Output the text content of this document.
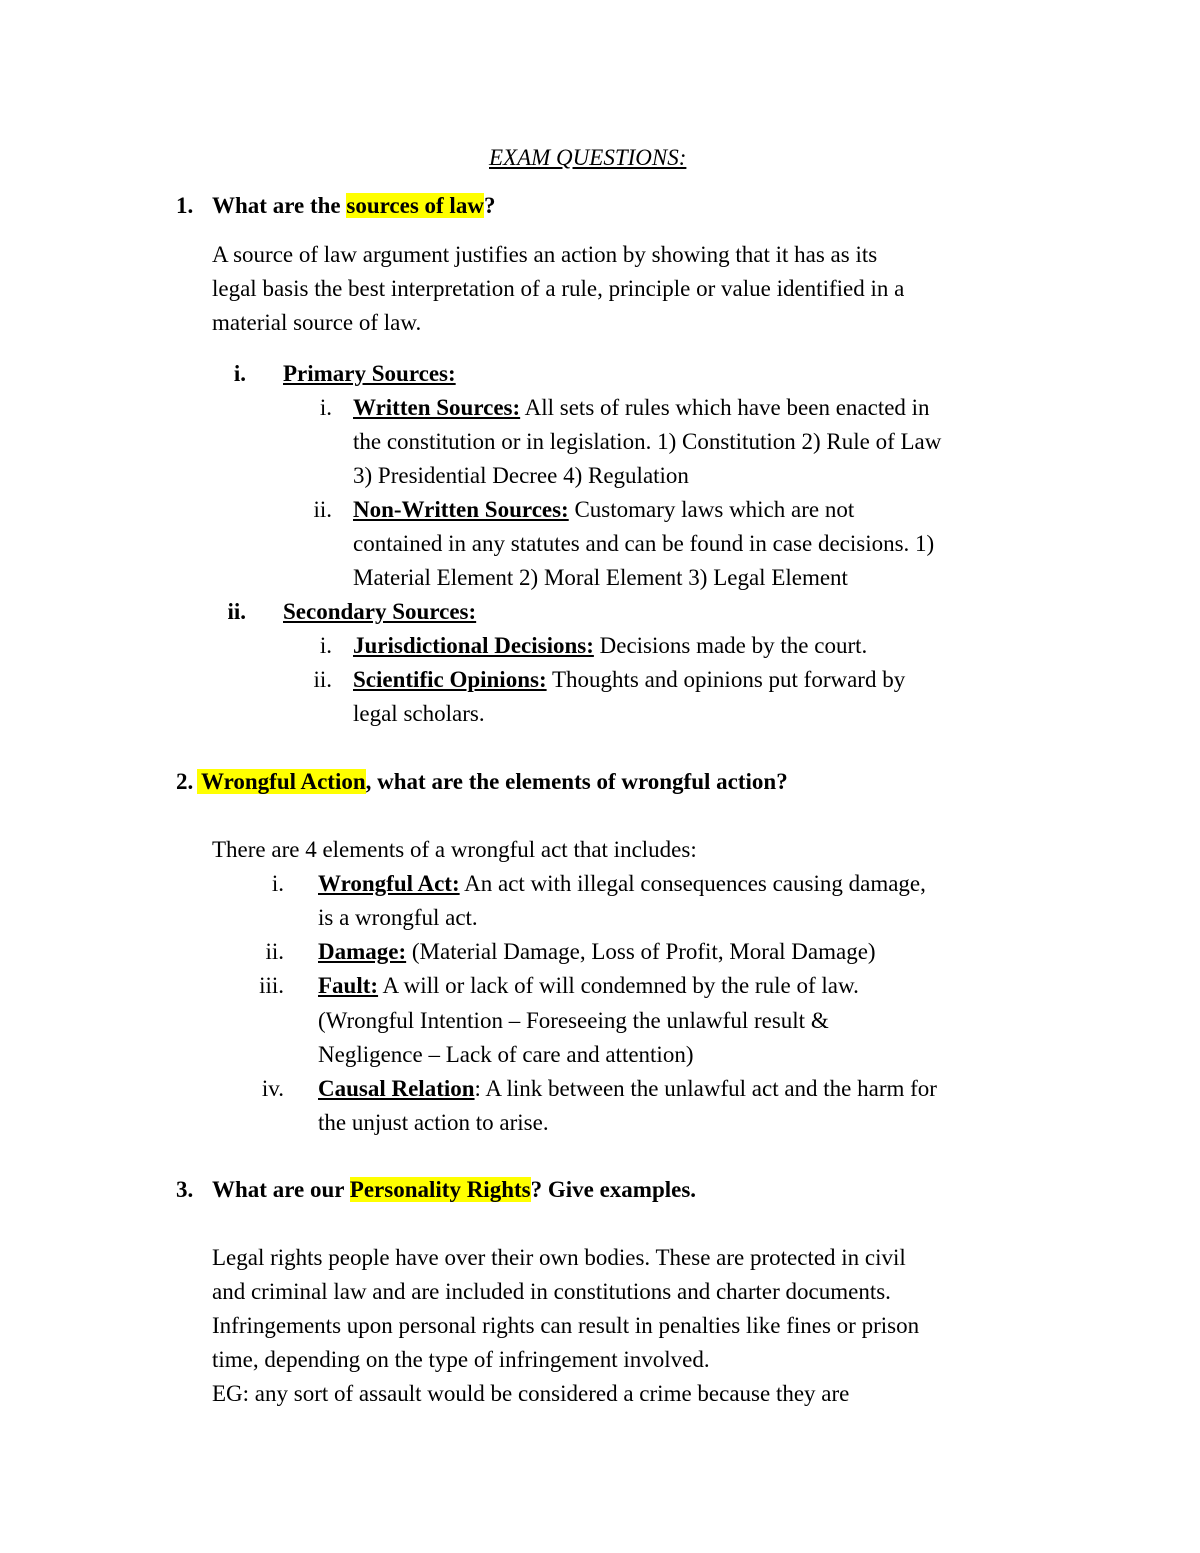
EXAM QUESTIONS:
1. What are the sources of law?
A source of law argument justifies an action by showing that it has as its
legal basis the best interpretation of a rule, principle or value identified in a
material source of law.
i. Primary Sources:
i. Written Sources: All sets of rules which have been enacted in
the constitution or in legislation. 1) Constitution 2) Rule of Law
3) Presidential Decree 4) Regulation
ii. Non-Written Sources: Customary laws which are not
contained in any statutes and can be found in case decisions. 1)
Material Element 2) Moral Element 3) Legal Element
ii. Secondary Sources:
i. Jurisdictional Decisions: Decisions made by the court.
ii. Scientific Opinions: Thoughts and opinions put forward by
legal scholars.
2. Wrongful Action, what are the elements of wrongful action?
There are 4 elements of a wrongful act that includes:
i. Wrongful Act: An act with illegal consequences causing damage,
is a wrongful act.
ii. Damage: (Material Damage, Loss of Profit, Moral Damage)
iii. Fault: A will or lack of will condemned by the rule of law.
(Wrongful Intention – Foreseeing the unlawful result &
Negligence – Lack of care and attention)
iv. Causal Relation: A link between the unlawful act and the harm for
the unjust action to arise.
3. What are our Personality Rights? Give examples.
Legal rights people have over their own bodies. These are protected in civil
and criminal law and are included in constitutions and charter documents.
Infringements upon personal rights can result in penalties like fines or prison
time, depending on the type of infringement involved.
EG: any sort of assault would be considered a crime because they are
